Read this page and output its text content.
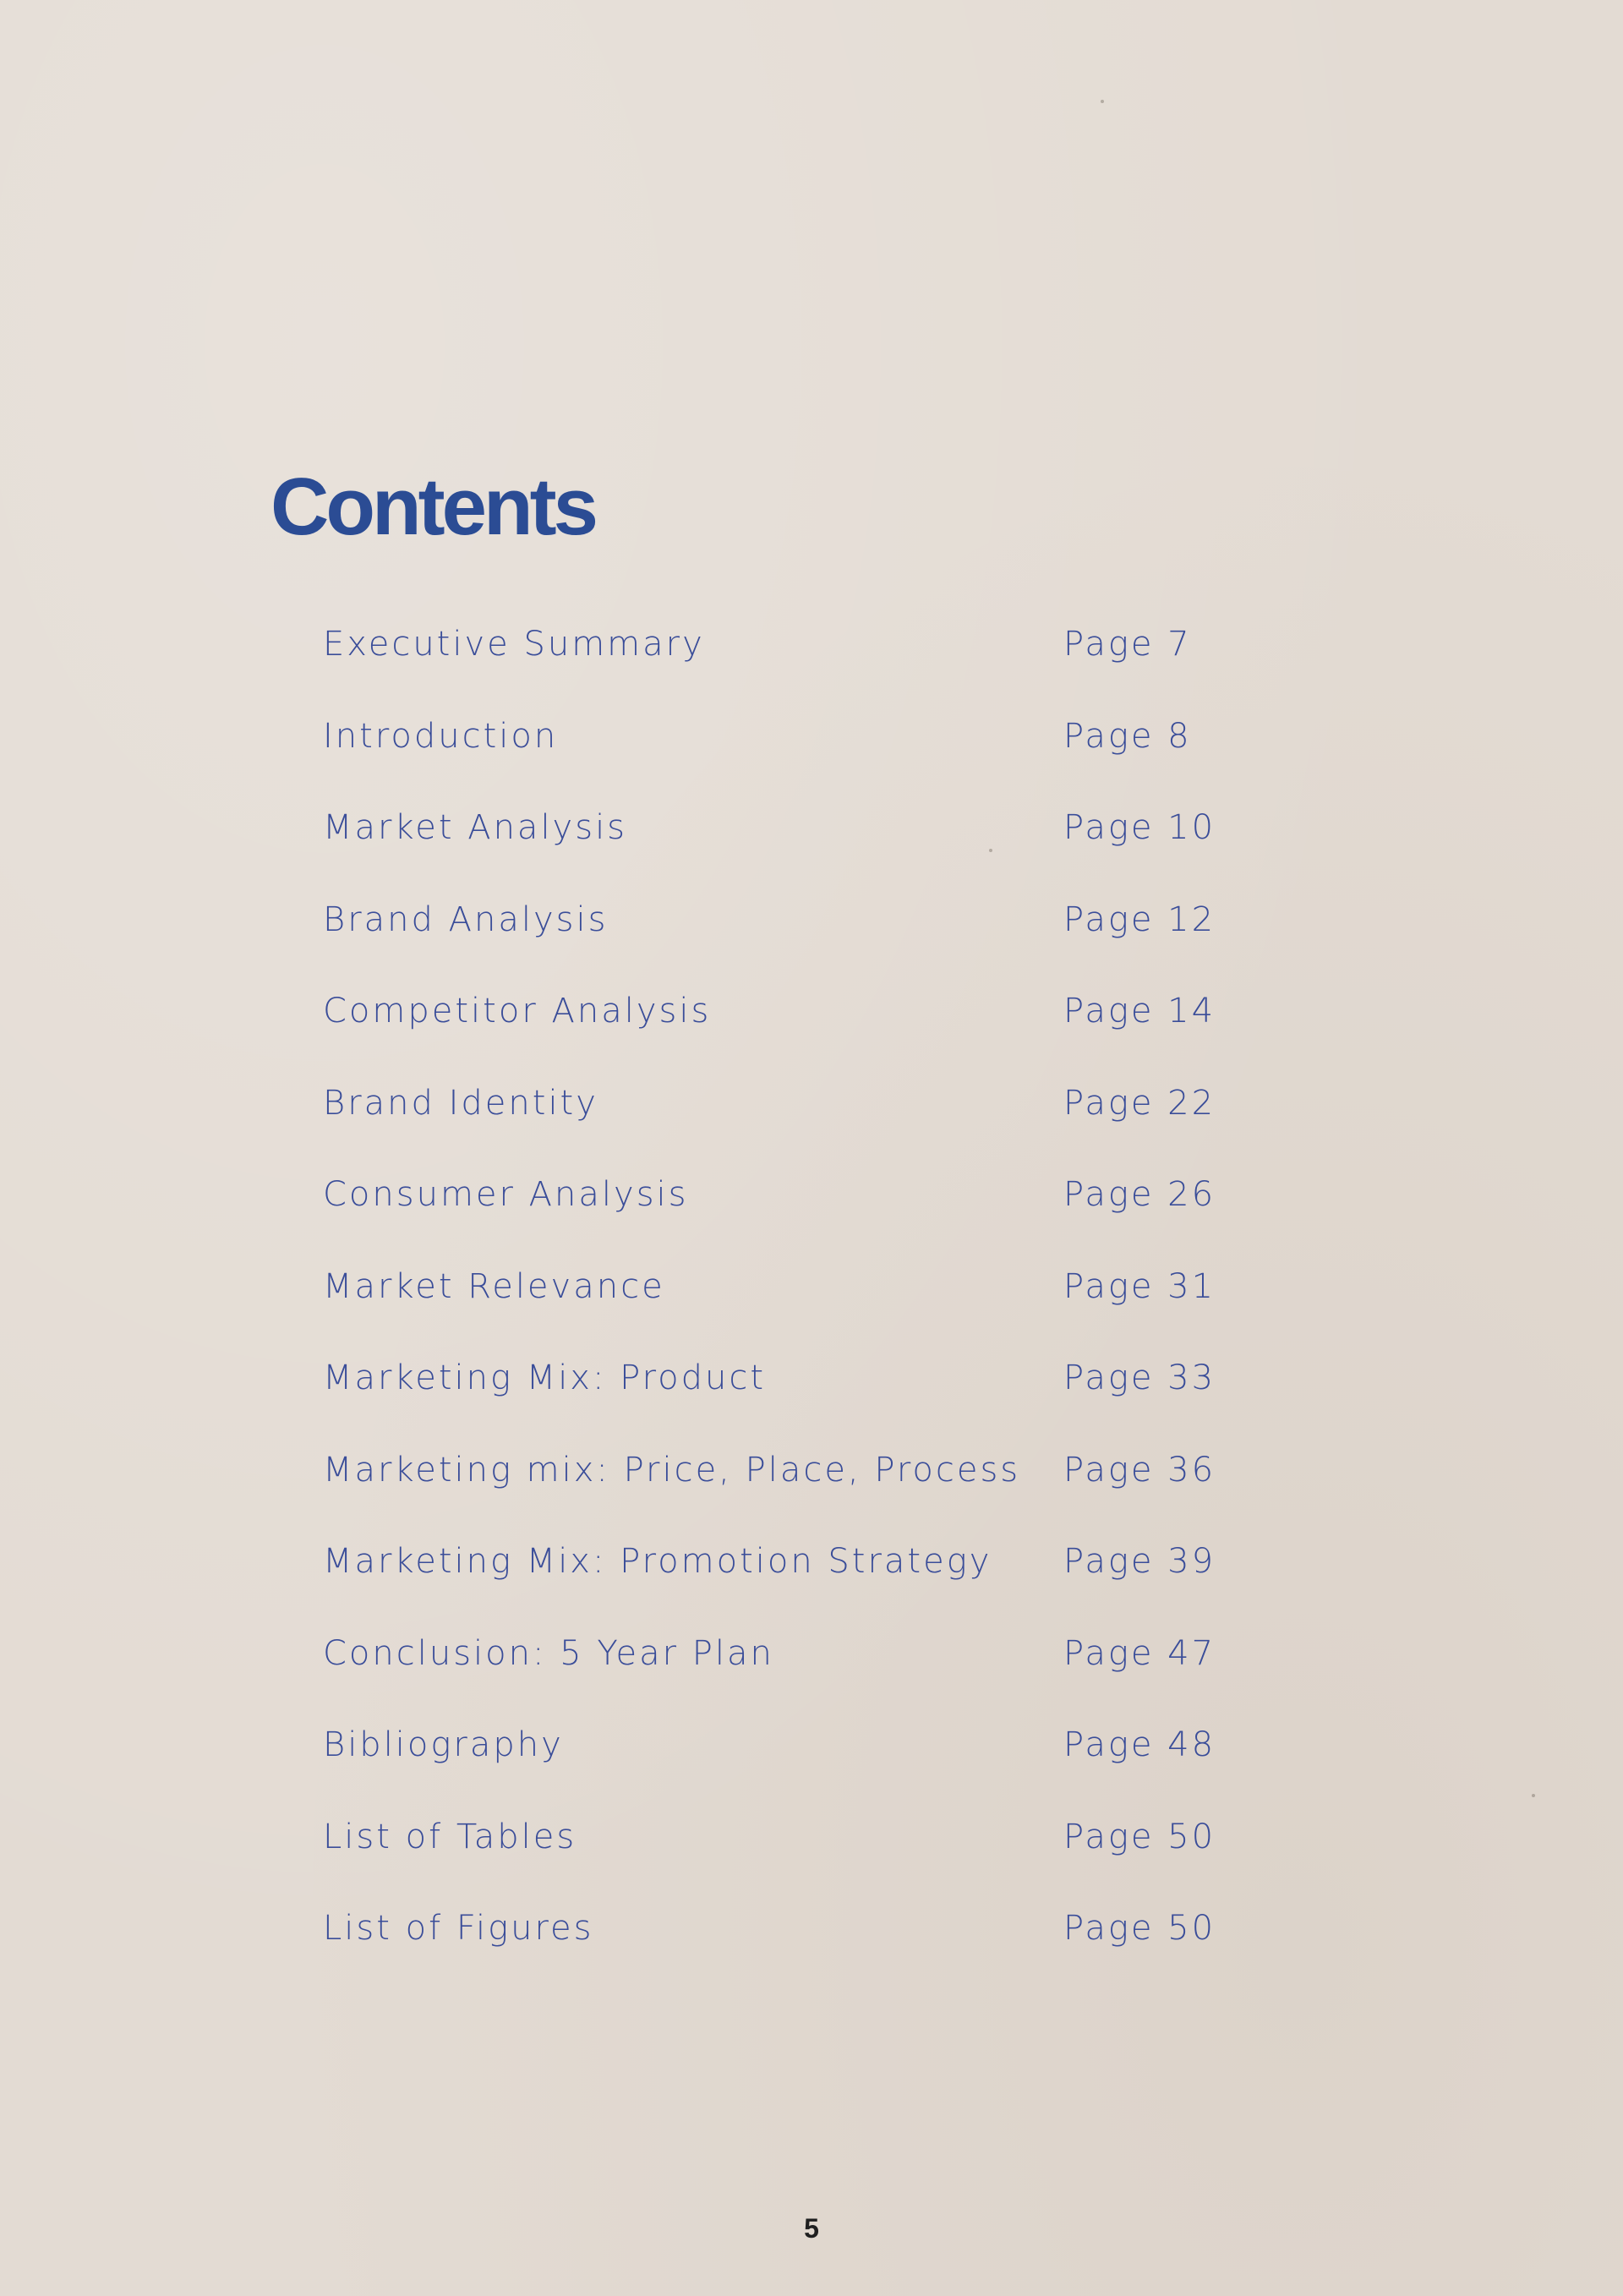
Contents
Executive Summary	Page 7
Introduction	Page 8
Market Analysis	Page 10
Brand Analysis	Page 12
Competitor Analysis	Page 14
Brand Identity	Page 22
Consumer Analysis	Page 26
Market Relevance	Page 31
Marketing Mix: Product	Page 33
Marketing mix: Price, Place, Process	Page 36
Marketing Mix: Promotion Strategy	Page 39
Conclusion: 5 Year Plan	Page 47
Bibliography	Page 48
List of Tables	Page 50
List of Figures	Page 50
5
